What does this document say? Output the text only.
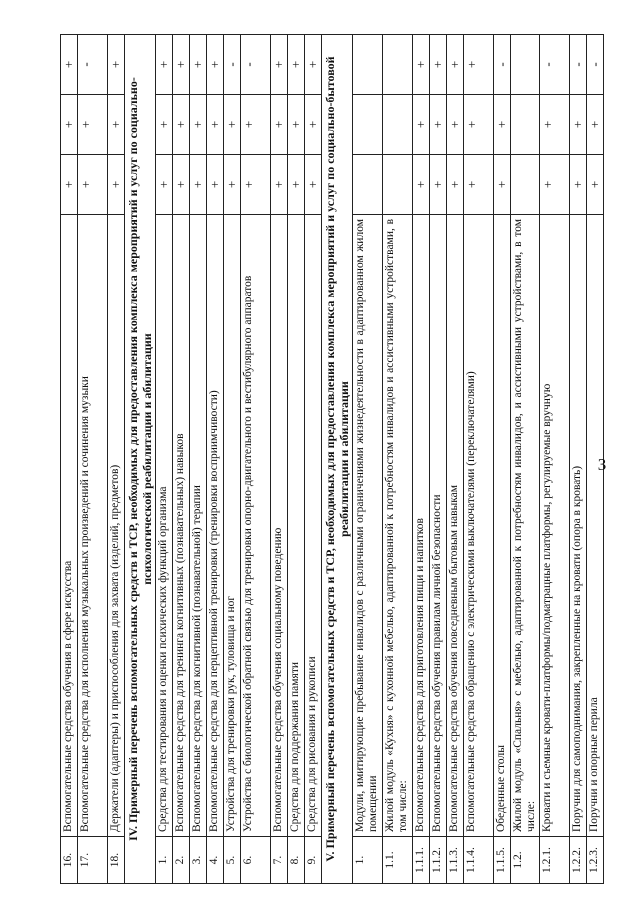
16.	Вспомогательные средства обучения в сфере искусства	+	+	+
17.	Вспомогательные средства для исполнения музыкальных произведений и сочинения музыки	+	+	-
18.	Держатели (адаптеры) и приспособления для захвата (изделий, предметов)	+	+	+
IV. Примерный перечень вспомогательных средств и ТСР, необходимых для предоставления комплекса мероприятий и услуг по социально-психологической реабилитации и абилитации				
1.	Средства для тестирования и оценки психических функций организма	+	+	+
2.	Вспомогательные средства для тренинга когнитивных (познавательных) навыков	+	+	+
3.	Вспомогательные средства для когнитивной (познавательной) терапии	+	+	+
4.	Вспомогательные средства для перцептивной тренировки (тренировки восприимчивости)	+	+	+
5.	Устройства для тренировки рук, туловища и ног	+	+	-
6.	Устройства с биологической обратной связью для тренировки опорно-двигательного и вестибулярного аппаратов	+	+	-
7.	Вспомогательные средства обучения социальному поведению	+	+	+
8.	Средства для поддержания памяти	+	+	+
9.	Средства для рисования и рукописи	+	+	+
V. Примерный перечень вспомогательных средств и ТСР, необходимых для предоставления комплекса мероприятий и услуг по социально-бытовой реабилитации и абилитации				
1.	Модули, имитирующие пребывание инвалидов с различными ограничениями жизнедеятельности в адаптированном жилом помещении			
1.1.	Жилой модуль «Кухня» с кухонной мебелью, адаптированной к потребностям инвалидов и ассистивными устройствами, в том числе:			
1.1.1.	Вспомогательные средства для приготовления пищи и напитков	+	+	+
1.1.2.	Вспомогательные средства обучения правилам личной безопасности	+	+	+
1.1.3.	Вспомогательные средства обучения повседневным бытовым навыкам	+	+	+
1.1.4.	Вспомогательные средства обращению с электрическими выключателями (переключателями)	+	+	+
1.1.5.	Обеденные столы	+	+	-
1.2.	Жилой модуль «Спальня» с мебелью, адаптированной к потребностям инвалидов, и ассистивными устройствами, в том числе:			
1.2.1.	Кровати и съемные кровати-платформы/подматрацные платформы, регулируемые вручную	+	+	-
1.2.2.	Поручни для самоподнимания, закрепленные на кровати (опора в кровать)	+	+	-
1.2.3.	Поручни и опорные перила	+	+	-
3
